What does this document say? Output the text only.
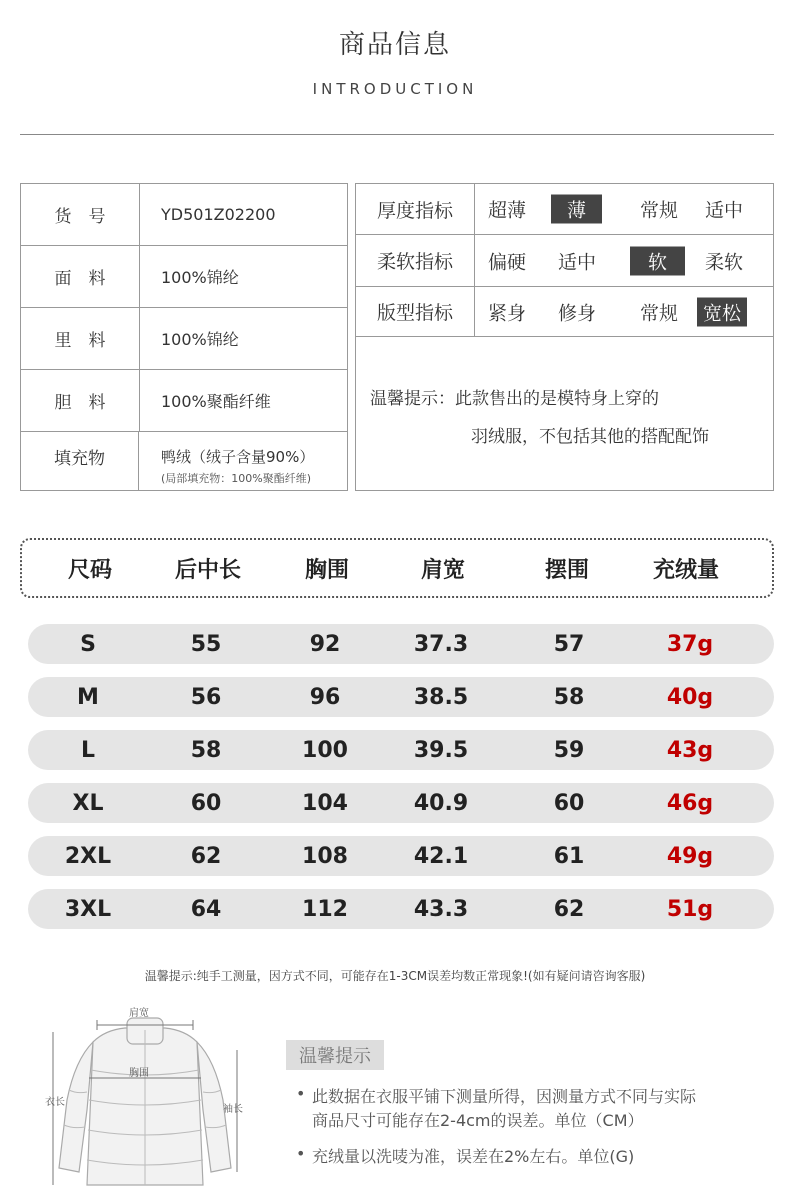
商品信息
INTRODUCTION
货　号	YD501Z02200
面　料	100%锦纶
里　料	100%锦纶
胆　料	100%聚酯纤维
填充物	鸭绒（绒子含量90%）
(局部填充物：100%聚酯纤维)
厚度指标	超薄	薄	常规	适中
柔软指标	偏硬	适中	软	柔软
版型指标	紧身	修身	常规	宽松
温馨提示：此款售出的是模特身上穿的
羽绒服，不包括其他的搭配配饰
尺码	后中长	胸围	肩宽	摆围	充绒量
S	55	92	37.3	57	37g
M	56	96	38.5	58	40g
L	58	100	39.5	59	43g
XL	60	104	40.9	60	46g
2XL	62	108	42.1	61	49g
3XL	64	112	43.3	62	51g
温馨提示:纯手工测量，因方式不同，可能存在1-3CM误差均数正常现象!(如有疑问请咨询客服)
肩宽
胸围
衣长
袖长
温馨提示
• 此数据在衣服平铺下测量所得，因测量方式不同与实际
商品尺寸可能存在2-4cm的误差。单位（CM）
• 充绒量以洗唛为准，误差在2%左右。单位(G)
